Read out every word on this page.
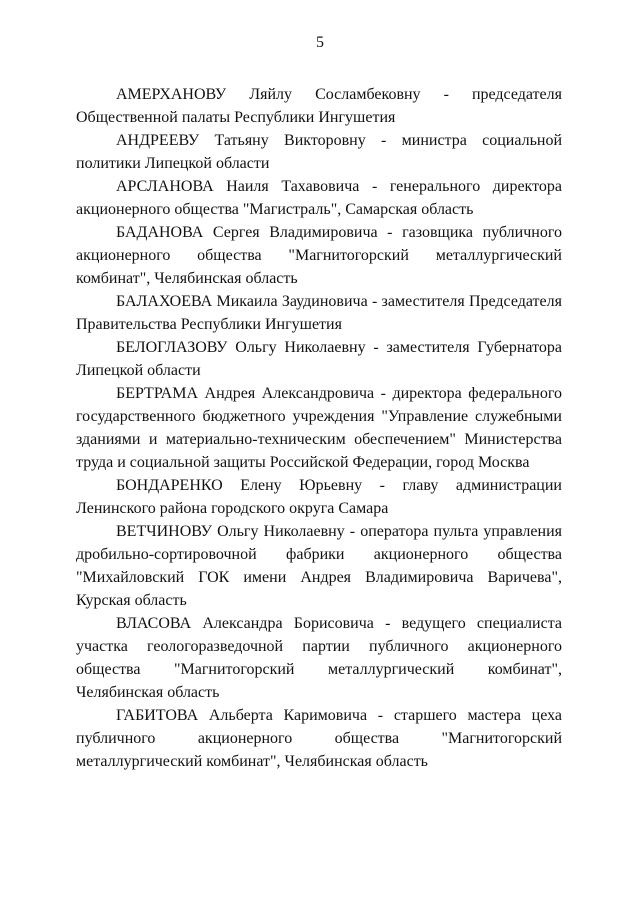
5

АМЕРХАНОВУ Ляйлу Сосламбековну - председателя Общественной палаты Республики Ингушетия

АНДРЕЕВУ Татьяну Викторовну - министра социальной политики Липецкой области

АРСЛАНОВА Наиля Тахавовича - генерального директора акционерного общества "Магистраль", Самарская область

БАДАНОВА Сергея Владимировича - газовщика публичного акционерного общества "Магнитогорский металлургический комбинат", Челябинская область

БАЛАХОЕВА Микаила Заудиновича - заместителя Председателя Правительства Республики Ингушетия

БЕЛОГЛАЗОВУ Ольгу Николаевну - заместителя Губернатора Липецкой области

БЕРТРАМА Андрея Александровича - директора федерального государственного бюджетного учреждения "Управление служебными зданиями и материально-техническим обеспечением" Министерства труда и социальной защиты Российской Федерации, город Москва

БОНДАРЕНКО Елену Юрьевну - главу администрации Ленинского района городского округа Самара

ВЕТЧИНОВУ Ольгу Николаевну - оператора пульта управления дробильно-сортировочной фабрики акционерного общества "Михайловский ГОК имени Андрея Владимировича Варичева", Курская область

ВЛАСОВА Александра Борисовича - ведущего специалиста участка геологоразведочной партии публичного акционерного общества "Магнитогорский металлургический комбинат", Челябинская область

ГАБИТОВА Альберта Каримовича - старшего мастера цеха публичного акционерного общества "Магнитогорский металлургический комбинат", Челябинская область
